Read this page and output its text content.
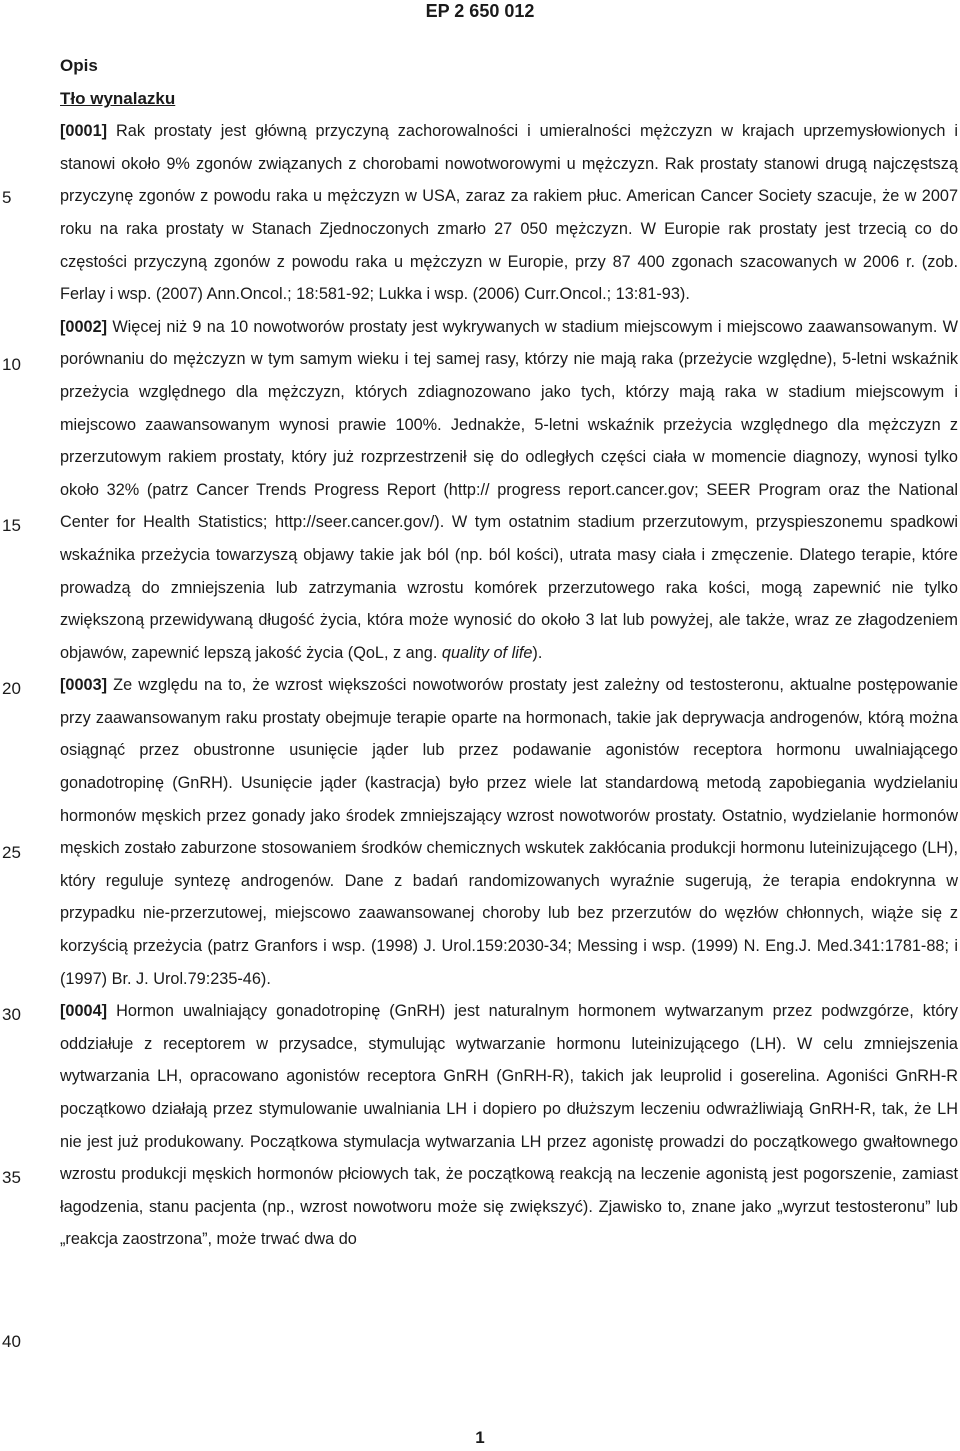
EP 2 650 012
5
10
15
20
25
30
35
40
Opis
Tło wynalazku

[0001] Rak prostaty jest główną przyczyną zachorowalności i umieralności mężczyzn w krajach uprzemysłowionych i stanowi około 9% zgonów związanych z chorobami nowotworowymi u mężczyzn. Rak prostaty stanowi drugą najczęstszą przyczynę zgonów z powodu raka u mężczyzn w USA, zaraz za rakiem płuc. American Cancer Society szacuje, że w 2007 roku na raka prostaty w Stanach Zjednoczonych zmarło 27 050 mężczyzn. W Europie rak prostaty jest trzecią co do częstości przyczyną zgonów z powodu raka u mężczyzn w Europie, przy 87 400 zgonach szacowanych w 2006 r. (zob. Ferlay i wsp. (2007) Ann.Oncol.; 18:581-92; Lukka i wsp. (2006) Curr.Oncol.; 13:81-93).

[0002] Więcej niż 9 na 10 nowotworów prostaty jest wykrywanych w stadium miejscowym i miejscowo zaawansowanym. W porównaniu do mężczyzn w tym samym wieku i tej samej rasy, którzy nie mają raka (przeżycie względne), 5-letni wskaźnik przeżycia względnego dla mężczyzn, których zdiagnozowano jako tych, którzy mają raka w stadium miejscowym i miejscowo zaawansowanym wynosi prawie 100%. Jednakże, 5-letni wskaźnik przeżycia względnego dla mężczyzn z przerzutowym rakiem prostaty, który już rozprzestrzenił się do odległych części ciała w momencie diagnozy, wynosi tylko około 32% (patrz Cancer Trends Progress Report (http:// progress report.cancer.gov; SEER Program oraz the National Center for Health Statistics; http://seer.cancer.gov/). W tym ostatnim stadium przerzutowym, przyspieszonemu spadkowi wskaźnika przeżycia towarzyszą objawy takie jak ból (np. ból kości), utrata masy ciała i zmęczenie. Dlatego terapie, które prowadzą do zmniejszenia lub zatrzymania wzrostu komórek przerzutowego raka kości, mogą zapewnić nie tylko zwiększoną przewidywaną długość życia, która może wynosić do około 3 lat lub powyżej, ale także, wraz ze złagodzeniem objawów, zapewnić lepszą jakość życia (QoL, z ang. quality of life).

[0003] Ze względu na to, że wzrost większości nowotworów prostaty jest zależny od testosteronu, aktualne postępowanie przy zaawansowanym raku prostaty obejmuje terapie oparte na hormonach, takie jak deprywacja androgenów, którą można osiągnąć przez obustronne usunięcie jąder lub przez podawanie agonistów receptora hormonu uwalniającego gonadotropinę (GnRH). Usunięcie jąder (kastracja) było przez wiele lat standardową metodą zapobiegania wydzielaniu hormonów męskich przez gonady jako środek zmniejszający wzrost nowotworów prostaty. Ostatnio, wydzielanie hormonów męskich zostało zaburzone stosowaniem środków chemicznych wskutek zakłócania produkcji hormonu luteinizującego (LH), który reguluje syntezę androgenów. Dane z badań randomizowanych wyraźnie sugerują, że terapia endokrynna w przypadku nie-przerzutowej, miejscowo zaawansowanej choroby lub bez przerzutów do węzłów chłonnych, wiąże się z korzyścią przeżycia (patrz Granfors i wsp. (1998) J. Urol.159:2030-34; Messing i wsp. (1999) N. Eng.J. Med.341:1781-88; i (1997) Br. J. Urol.79:235-46).

[0004] Hormon uwalniający gonadotropinę (GnRH) jest naturalnym hormonem wytwarzanym przez podwzgórze, który oddziałuje z receptorem w przysadce, stymulując wytwarzanie hormonu luteinizującego (LH). W celu zmniejszenia wytwarzania LH, opracowano agonistów receptora GnRH (GnRH-R), takich jak leuprolid i goserelina. Agoniści GnRH-R początkowo działają przez stymulowanie uwalniania LH i dopiero po dłuższym leczeniu odwrażliwiają GnRH-R, tak, że LH nie jest już produkowany. Początkowa stymulacja wytwarzania LH przez agonistę prowadzi do początkowego gwałtownego wzrostu produkcji męskich hormonów płciowych tak, że początkową reakcją na leczenie agonistą jest pogorszenie, zamiast łagodzenia, stanu pacjenta (np., wzrost nowotworu może się zwiększyć). Zjawisko to, znane jako „wyrzut testosteronu” lub „reakcja zaostrzona”, może trwać dwa do

1
